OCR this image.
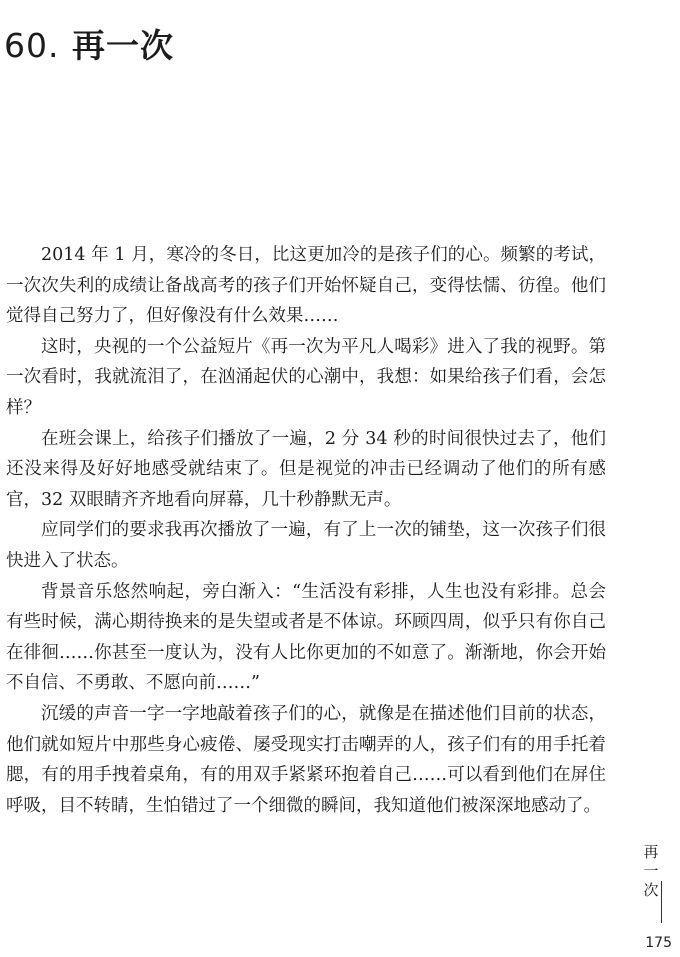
60. 再一次

2014 年 1 月，寒冷的冬日，比这更加冷的是孩子们的心。频繁的考试，一次次失利的成绩让备战高考的孩子们开始怀疑自己，变得怯懦、彷徨。他们觉得自己努力了，但好像没有什么效果……

这时，央视的一个公益短片《再一次为平凡人喝彩》进入了我的视野。第一次看时，我就流泪了，在汹涌起伏的心潮中，我想：如果给孩子们看，会怎样？

在班会课上，给孩子们播放了一遍，2 分 34 秒的时间很快过去了，他们还没来得及好好地感受就结束了。但是视觉的冲击已经调动了他们的所有感官，32 双眼睛齐齐地看向屏幕，几十秒静默无声。

应同学们的要求我再次播放了一遍，有了上一次的铺垫，这一次孩子们很快进入了状态。

背景音乐悠然响起，旁白渐入：“生活没有彩排，人生也没有彩排。总会有些时候，满心期待换来的是失望或者是不体谅。环顾四周，似乎只有你自己在徘徊……你甚至一度认为，没有人比你更加的不如意了。渐渐地，你会开始不自信、不勇敢、不愿向前……”

沉缓的声音一字一字地敲着孩子们的心，就像是在描述他们目前的状态，他们就如短片中那些身心疲倦、屡受现实打击嘲弄的人，孩子们有的用手托着腮，有的用手拽着桌角，有的用双手紧紧环抱着自己……可以看到他们在屏住呼吸，目不转睛，生怕错过了一个细微的瞬间，我知道他们被深深地感动了。

再一次
175
